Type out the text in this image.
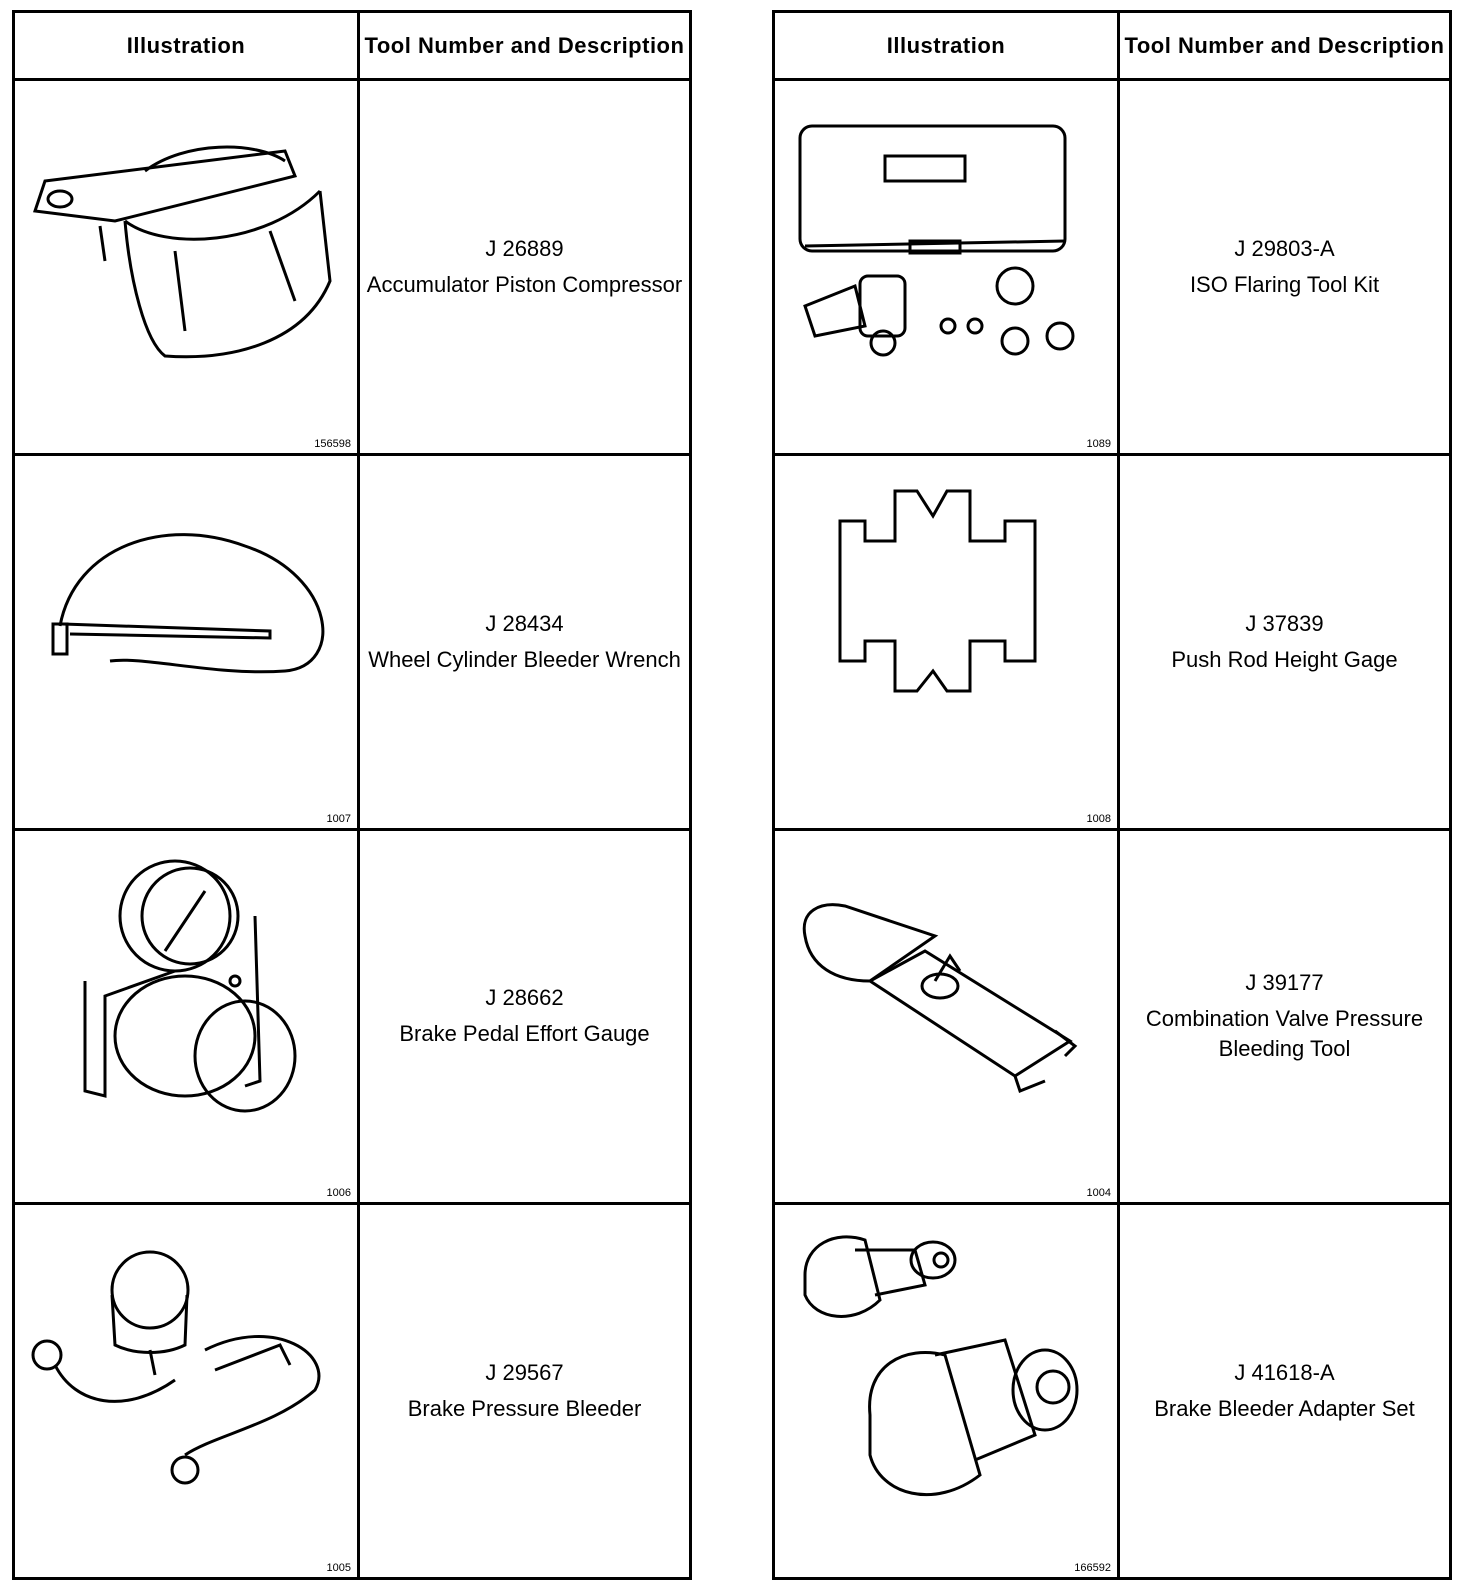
Illustration	Tool Number and Description
156598
J 26889
Accumulator Piston Compressor
1007
J 28434
Wheel Cylinder Bleeder Wrench
1006
J 28662
Brake Pedal Effort Gauge
1005
J 29567
Brake Pressure Bleeder
Illustration	Tool Number and Description
1089
J 29803-A
ISO Flaring Tool Kit
1008
J 37839
Push Rod Height Gage
1004
J 39177
Combination Valve Pressure Bleeding Tool
166592
J 41618-A
Brake Bleeder Adapter Set
